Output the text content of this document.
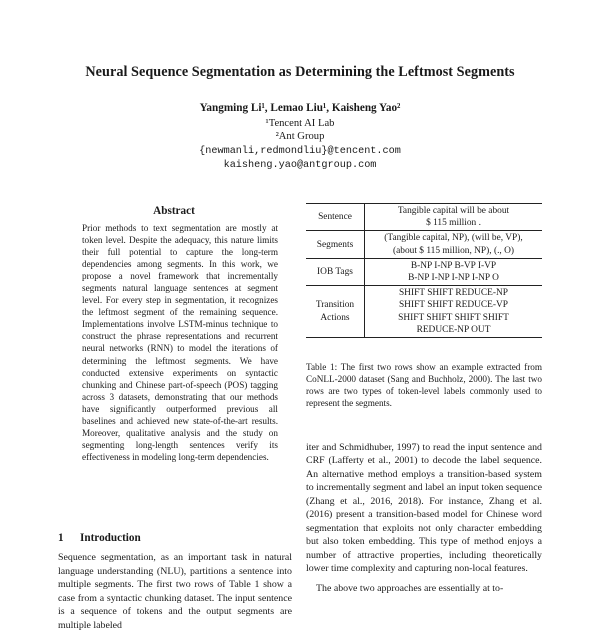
Neural Sequence Segmentation as Determining the Leftmost Segments
Yangming Li¹, Lemao Liu¹, Kaisheng Yao²
¹Tencent AI Lab
²Ant Group
{newmanli,redmondliu}@tencent.com
kaisheng.yao@antgroup.com
Abstract

Prior methods to text segmentation are mostly at token level. Despite the adequacy, this nature limits their full potential to capture the long-term dependencies among segments. In this work, we propose a novel framework that incrementally segments natural language sentences at segment level. For every step in segmentation, it recognizes the leftmost segment of the remaining sequence. Implementations involve LSTM-minus technique to construct the phrase representations and recurrent neural networks (RNN) to model the iterations of determining the leftmost segments. We have conducted extensive experiments on syntactic chunking and Chinese part-of-speech (POS) tagging across 3 datasets, demonstrating that our methods have significantly outperformed previous all baselines and achieved new state-of-the-art results. Moreover, qualitative analysis and the study on segmenting long-length sentences verify its effectiveness in modeling long-term dependencies.

1 Introduction

Sequence segmentation, as an important task in natural language understanding (NLU), partitions a sentence into multiple segments. The first two rows of Table 1 show a case from a syntactic chunking dataset. The input sentence is a sequence of tokens and the output segments are multiple labeled

Sentence	Tangible capital will be about
$ 115 million .

Segments	(Tangible capital, NP), (will be, VP),
(about $ 115 million, NP), (., O)

IOB Tags	B-NP I-NP B-VP I-VP
B-NP I-NP I-NP I-NP O

Transition Actions	SHIFT SHIFT REDUCE-NP
SHIFT SHIFT REDUCE-VP
SHIFT SHIFT SHIFT SHIFT
REDUCE-NP OUT
Table 1: The first two rows show an example extracted from CoNLL-2000 dataset (Sang and Buchholz, 2000). The last two rows are two types of token-level labels commonly used to represent the segments.

iter and Schmidhuber, 1997) to read the input sentence and CRF (Lafferty et al., 2001) to decode the label sequence. An alternative method employs a transition-based system to incrementally segment and label an input token sequence (Zhang et al., 2016, 2018). For instance, Zhang et al. (2016) present a transition-based model for Chinese word segmentation that exploits not only character embedding but also token embedding. This type of method enjoys a number of attractive properties, including theoretically lower time complexity and capturing non-local features.

The above two approaches are essentially at to-
